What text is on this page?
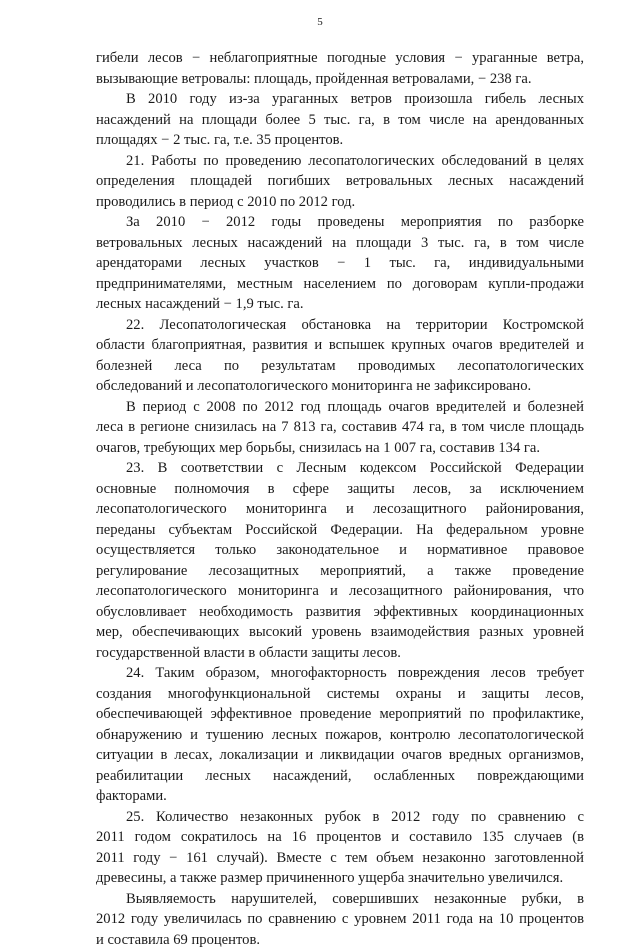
5
гибели лесов − неблагоприятные погодные условия − ураганные ветра,
вызывающие ветровалы: площадь, пройденная ветровалами, − 238 га.
В 2010 году из-за ураганных ветров произошла гибель лесных
насаждений на площади более 5 тыс. га, в том числе на арендованных
площадях − 2 тыс. га, т.е. 35 процентов.
21. Работы по проведению лесопатологических обследований в целях
определения площадей погибших ветровальных лесных насаждений
проводились в период с 2010 по 2012 год.
За 2010 − 2012 годы проведены мероприятия по разборке
ветровальных лесных насаждений на площади 3 тыс. га, в том числе
арендаторами лесных участков − 1 тыс. га, индивидуальными
предпринимателями, местным населением по договорам купли-продажи
лесных насаждений − 1,9 тыс. га.
22. Лесопатологическая обстановка на территории Костромской
области благоприятная, развития и вспышек крупных очагов вредителей и
болезней леса по результатам проводимых лесопатологических
обследований и лесопатологического мониторинга не зафиксировано.
В период с 2008 по 2012 год площадь очагов вредителей и болезней
леса в регионе снизилась на 7 813 га, составив 474 га, в том числе площадь
очагов, требующих мер борьбы, снизилась на 1 007 га, составив 134 га.
23. В соответствии с Лесным кодексом Российской Федерации
основные полномочия в сфере защиты лесов, за исключением
лесопатологического мониторинга и лесозащитного районирования,
переданы субъектам Российской Федерации. На федеральном уровне
осуществляется только законодательное и нормативное правовое
регулирование лесозащитных мероприятий, а также проведение
лесопатологического мониторинга и лесозащитного районирования, что
обусловливает необходимость развития эффективных координационных
мер, обеспечивающих высокий уровень взаимодействия разных уровней
государственной власти в области защиты лесов.
24. Таким образом, многофакторность повреждения лесов требует
создания многофункциональной системы охраны и защиты лесов,
обеспечивающей эффективное проведение мероприятий по профилактике,
обнаружению и тушению лесных пожаров, контролю лесопатологической
ситуации в лесах, локализации и ликвидации очагов вредных организмов,
реабилитации лесных насаждений, ослабленных повреждающими
факторами.
25. Количество незаконных рубок в 2012 году по сравнению с
2011 годом сократилось на 16 процентов и составило 135 случаев (в
2011 году − 161 случай). Вместе с тем объем незаконно заготовленной
древесины, а также размер причиненного ущерба значительно увеличился.
Выявляемость нарушителей, совершивших незаконные рубки, в
2012 году увеличилась по сравнению с уровнем 2011 года на 10 процентов
и составила 69 процентов.
